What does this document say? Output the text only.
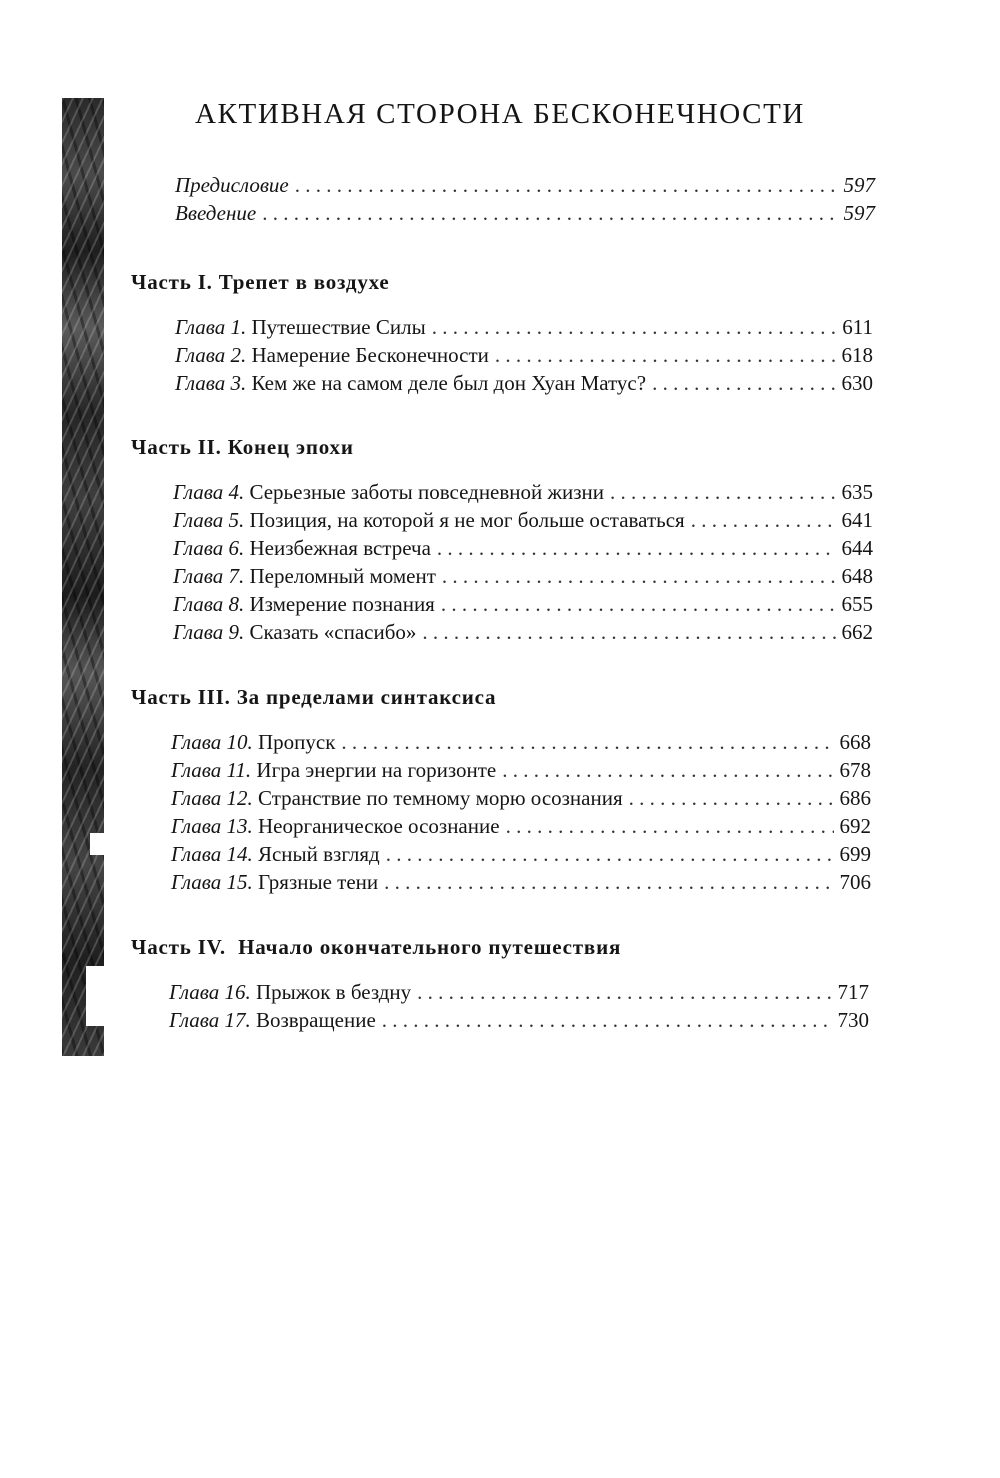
АКТИВНАЯ СТОРОНА БЕСКОНЕЧНОСТИ
Предисловие . . .	597
Введение . . .	597
Часть I. Трепет в воздухе
Глава 1. Путешествие Силы . . .	611
Глава 2. Намерение Бесконечности . . .	618
Глава 3. Кем же на самом деле был дон Хуан Матус? . . .	630
Часть II. Конец эпохи
Глава 4. Серьезные заботы повседневной жизни . . .	635
Глава 5. Позиция, на которой я не мог больше оставаться . . .	641
Глава 6. Неизбежная встреча . . .	644
Глава 7. Переломный момент . . .	648
Глава 8. Измерение познания . . .	655
Глава 9. Сказать «спасибо» . . .	662
Часть III. За пределами синтаксиса
Глава 10. Пропуск . . .	668
Глава 11. Игра энергии на горизонте . . .	678
Глава 12. Странствие по темному морю осознания . . .	686
Глава 13. Неорганическое осознание . . .	692
Глава 14. Ясный взгляд . . .	699
Глава 15. Грязные тени . . .	706
Часть IV.  Начало окончательного путешествия
Глава 16. Прыжок в бездну . . .	717
Глава 17. Возвращение . . .	730
